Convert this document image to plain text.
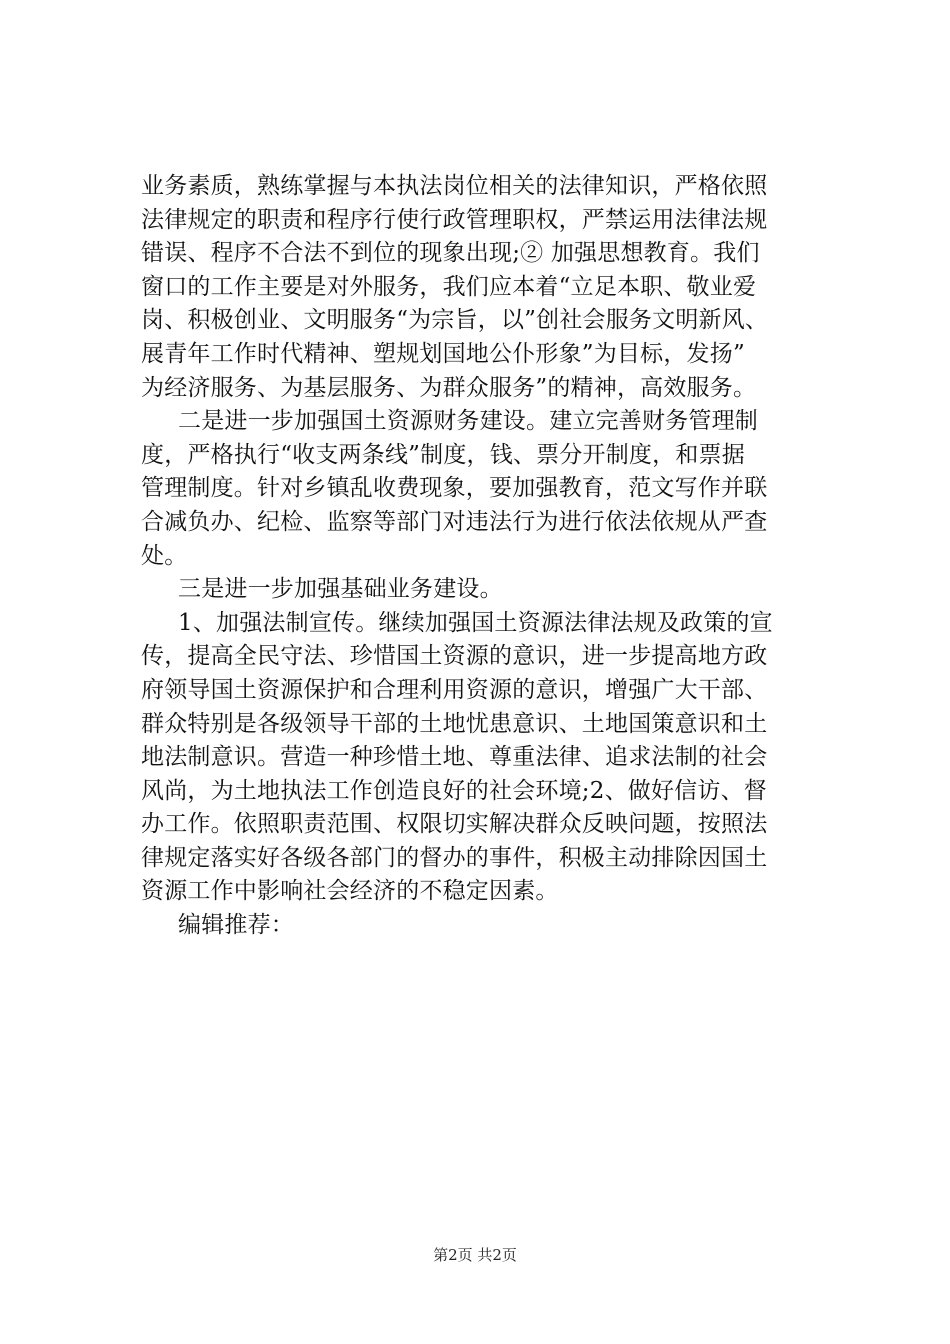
业务素质，熟练掌握与本执法岗位相关的法律知识，严格依照
法律规定的职责和程序行使行政管理职权，严禁运用法律法规
错误、程序不合法不到位的现象出现;② 加强思想教育。我们
窗口的工作主要是对外服务，我们应本着“立足本职、敬业爱
岗、积极创业、文明服务“为宗旨，以”创社会服务文明新风、
展青年工作时代精神、塑规划国地公仆形象”为目标，发扬”
为经济服务、为基层服务、为群众服务”的精神，高效服务。
二是进一步加强国土资源财务建设。建立完善财务管理制
度，严格执行“收支两条线”制度，钱、票分开制度，和票据
管理制度。针对乡镇乱收费现象，要加强教育，范文写作并联
合减负办、纪检、监察等部门对违法行为进行依法依规从严查
处。
三是进一步加强基础业务建设。
1、加强法制宣传。继续加强国土资源法律法规及政策的宣
传，提高全民守法、珍惜国土资源的意识，进一步提高地方政
府领导国土资源保护和合理利用资源的意识，增强广大干部、
群众特别是各级领导干部的土地忧患意识、土地国策意识和土
地法制意识。营造一种珍惜土地、尊重法律、追求法制的社会
风尚，为土地执法工作创造良好的社会环境;2、做好信访、督
办工作。依照职责范围、权限切实解决群众反映问题，按照法
律规定落实好各级各部门的督办的事件，积极主动排除因国土
资源工作中影响社会经济的不稳定因素。
编辑推荐：
第2页 共2页
